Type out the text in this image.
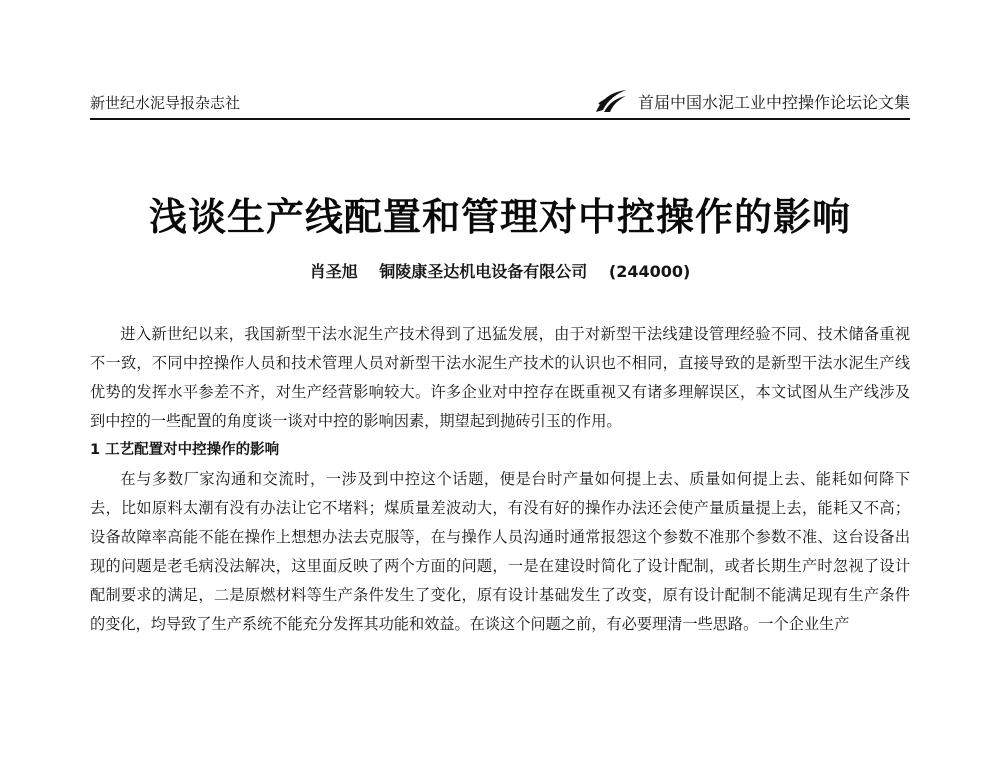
新世纪水泥导报杂志社	首届中国水泥工业中控操作论坛论文集
浅谈生产线配置和管理对中控操作的影响
肖圣旭 铜陵康圣达机电设备有限公司 (244000)

进入新世纪以来，我国新型干法水泥生产技术得到了迅猛发展，由于对新型干法线建设管理经验不同、技术储备重视不一致，不同中控操作人员和技术管理人员对新型干法水泥生产技术的认识也不相同，直接导致的是新型干法水泥生产线优势的发挥水平参差不齐，对生产经营影响较大。许多企业对中控存在既重视又有诸多理解误区，本文试图从生产线涉及到中控的一些配置的角度谈一谈对中控的影响因素，期望起到抛砖引玉的作用。

1 工艺配置对中控操作的影响

在与多数厂家沟通和交流时，一涉及到中控这个话题，便是台时产量如何提上去、质量如何提上去、能耗如何降下去，比如原料太潮有没有办法让它不堵料；煤质量差波动大，有没有好的操作办法还会使产量质量提上去，能耗又不高；设备故障率高能不能在操作上想想办法去克服等，在与操作人员沟通时通常报怨这个参数不准那个参数不准、这台设备出现的问题是老毛病没法解决，这里面反映了两个方面的问题，一是在建设时简化了设计配制，或者长期生产时忽视了设计配制要求的满足，二是原燃材料等生产条件发生了变化，原有设计基础发生了改变，原有设计配制不能满足现有生产条件的变化，均导致了生产系统不能充分发挥其功能和效益。在谈这个问题之前，有必要理清一些思路。一个企业生产
